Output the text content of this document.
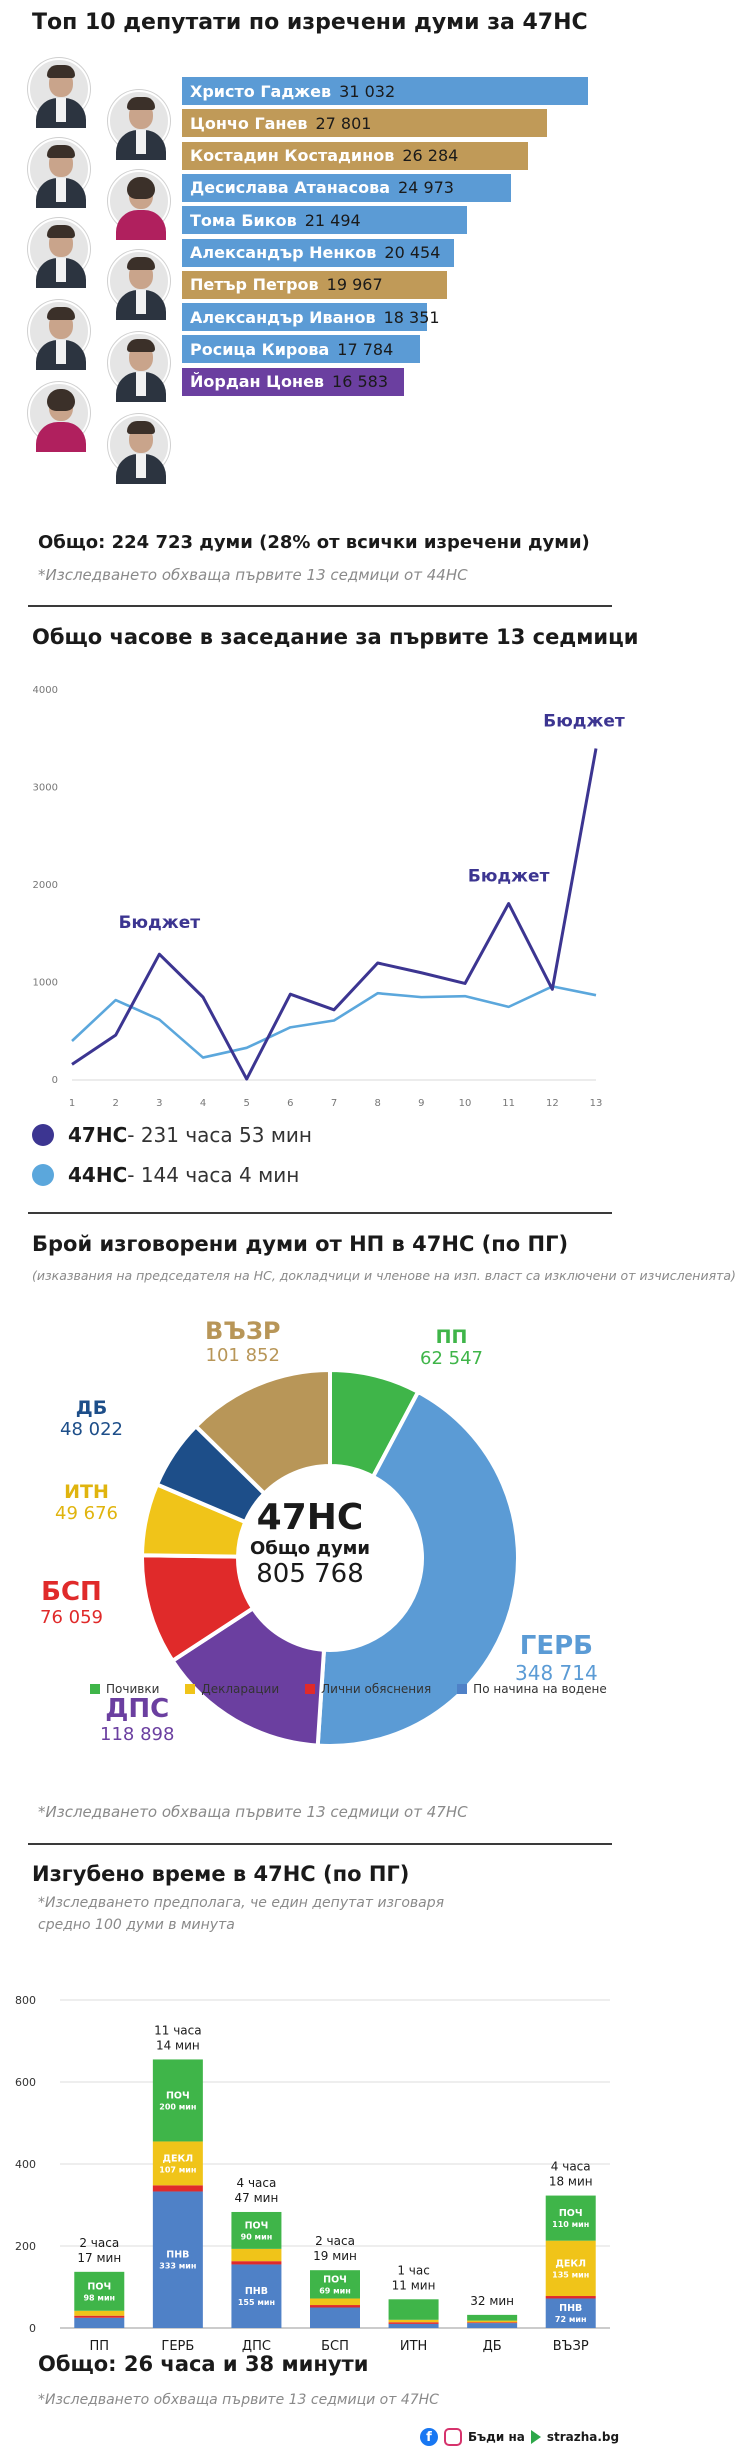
Топ 10 депутати по изречени думи за 47НС
Христо Гаджев 31 032
Цончо Ганев 27 801
Костадин Костадинов 26 284
Десислава Атанасова 24 973
Тома Биков 21 494
Александър Ненков 20 454
Петър Петров 19 967
Александър Иванов 18 351
Росица Кирова 17 784
Йордан Цонев 16 583
Общо: 224 723 думи (28% от всички изречени думи)
*Изследването обхваща първите 13 седмици от 44НС
Общо часове в заседание за първите 13 седмици
0
1000
2000
3000
4000
1	2	3	4	5	6	7	8	9	10	11	12	13
Бюджет
Бюджет
Бюджет
47НС - 231 часа 53 мин
44НС - 144 часа 4 мин
Брой изговорени думи от НП в 47НС (по ПГ)
(изказвания на председателя на НС, докладчици и членове на изп. власт са изключени от изчисленията)
ВЪЗР
101 852
ПП
62 547
ДБ
48 022
ИТН
49 676
БСП
76 059
ДПС
118 898
ГЕРБ
348 714
47НС
Общо думи
805 768
*Изследването обхваща първите 13 седмици от 47НС
Изгубено време в 47НС (по ПГ)
*Изследването предполага, че един депутат изговаря
средно 100 думи в минута
Почивки	Декларации	Лични обяснения	По начина на водене
0
200
400
600
800
ПОЧ
98 мин
2 часа
17 мин
ПП
ПНВ
333 мин
ДЕКЛ
107 мин
ПОЧ
200 мин
11 часа
14 мин
ГЕРБ
ПНВ
155 мин
ПОЧ
90 мин
4 часа
47 мин
ДПС
ПОЧ
69 мин
2 часа
19 мин
БСП
1 час
11 мин
ИТН
32 мин
ДБ
ПНВ
72 мин
ДЕКЛ
135 мин
ПОЧ
110 мин
4 часа
18 мин
ВЪЗР
Общо: 26 часа и 38 минути
*Изследването обхваща първите 13 седмици от 47НС
f	Бъди на strazha.bg
